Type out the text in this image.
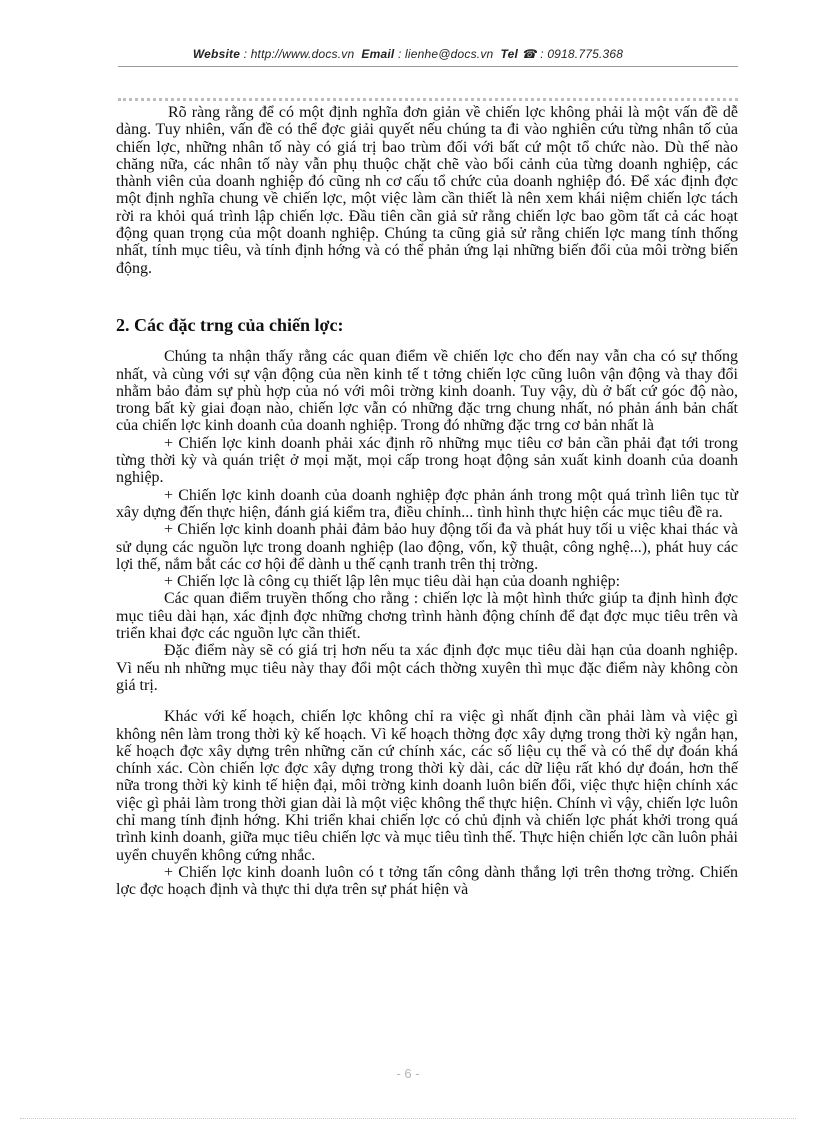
Website : http://www.docs.vn Email : lienhe@docs.vn Tel ☎ : 0918.775.368

Rõ ràng rằng để có một định nghĩa đơn giản về chiến lợc không phải là một vấn đề dễ dàng. Tuy nhiên, vấn đề có thể đợc giải quyết nếu chúng ta đi vào nghiên cứu từng nhân tố của chiến lợc, những nhân tố này có giá trị bao trùm đối với bất cứ một tổ chức nào. Dù thế nào chăng nữa, các nhân tố này vẫn phụ thuộc chặt chẽ vào bối cảnh của từng doanh nghiệp, các thành viên của doanh nghiệp đó cũng nh cơ cấu tổ chức của doanh nghiệp đó. Để xác định đợc một định nghĩa chung về chiến lợc, một việc làm cần thiết là nên xem khái niệm chiến lợc tách rời ra khỏi quá trình lập chiến lợc. Đầu tiên cần giả sử rằng chiến lợc bao gồm tất cả các hoạt động quan trọng của một doanh nghiệp. Chúng ta cũng giả sử rằng chiến lợc mang tính thống nhất, tính mục tiêu, và tính định hớng và có thể phản ứng lại những biến đổi của môi trờng biến động.

2. Các đặc trng của chiến lợc:

Chúng ta nhận thấy rằng các quan điểm về chiến lợc cho đến nay vẫn cha có sự thống nhất, và cùng với sự vận động của nền kinh tế t tởng chiến lợc cũng luôn vận động và thay đổi nhằm bảo đảm sự phù hợp của nó với môi trờng kinh doanh. Tuy vậy, dù ở bất cứ góc độ nào, trong bất kỳ giai đoạn nào, chiến lợc vẫn có những đặc trng chung nhất, nó phản ánh bản chất của chiến lợc kinh doanh của doanh nghiệp. Trong đó những đặc trng cơ bản nhất là

+ Chiến lợc kinh doanh phải xác định rõ những mục tiêu cơ bản cần phải đạt tới trong từng thời kỳ và quán triệt ở mọi mặt, mọi cấp trong hoạt động sản xuất kinh doanh của doanh nghiệp.

+ Chiến lợc kinh doanh của doanh nghiệp đợc phản ánh trong một quá trình liên tục từ xây dựng đến thực hiện, đánh giá kiểm tra, điều chỉnh... tình hình thực hiện các mục tiêu đề ra.

+ Chiến lợc kinh doanh phải đảm bảo huy động tối đa và phát huy tối u việc khai thác và sử dụng các nguồn lực trong doanh nghiệp (lao động, vốn, kỹ thuật, công nghệ...), phát huy các lợi thế, nắm bắt các cơ hội để dành u thế cạnh tranh trên thị trờng.

+ Chiến lợc là công cụ thiết lập lên mục tiêu dài hạn của doanh nghiệp:

Các quan điểm truyền thống cho rằng : chiến lợc là một hình thức giúp ta định hình đợc mục tiêu dài hạn, xác định đợc những chơng trình hành động chính để đạt đợc mục tiêu trên và triển khai đợc các nguồn lực cần thiết.

Đặc điểm này sẽ có giá trị hơn nếu ta xác định đợc mục tiêu dài hạn của doanh nghiệp. Vì nếu nh những mục tiêu này thay đổi một cách thờng xuyên thì mục đặc điểm này không còn giá trị.

Khác với kế hoạch, chiến lợc không chỉ ra việc gì nhất định cần phải làm và việc gì không nên làm trong thời kỳ kế hoạch. Vì kế hoạch thờng đợc xây dựng trong thời kỳ ngắn hạn, kế hoạch đợc xây dựng trên những căn cứ chính xác, các số liệu cụ thể và có thể dự đoán khá chính xác. Còn chiến lợc đợc xây dựng trong thời kỳ dài, các dữ liệu rất khó dự đoán, hơn thế nữa trong thời kỳ kinh tế hiện đại, môi trờng kinh doanh luôn biến đổi, việc thực hiện chính xác việc gì phải làm trong thời gian dài là một việc không thể thực hiện. Chính vì vậy, chiến lợc luôn chỉ mang tính định hớng. Khi triển khai chiến lợc có chủ định và chiến lợc phát khởi trong quá trình kinh doanh, giữa mục tiêu chiến lợc và mục tiêu tình thế. Thực hiện chiến lợc cần luôn phải uyển chuyển không cứng nhắc.

+ Chiến lợc kinh doanh luôn có t tởng tấn công dành thắng lợi trên thơng trờng. Chiến lợc đợc hoạch định và thực thi dựa trên sự phát hiện và

- 6 -
